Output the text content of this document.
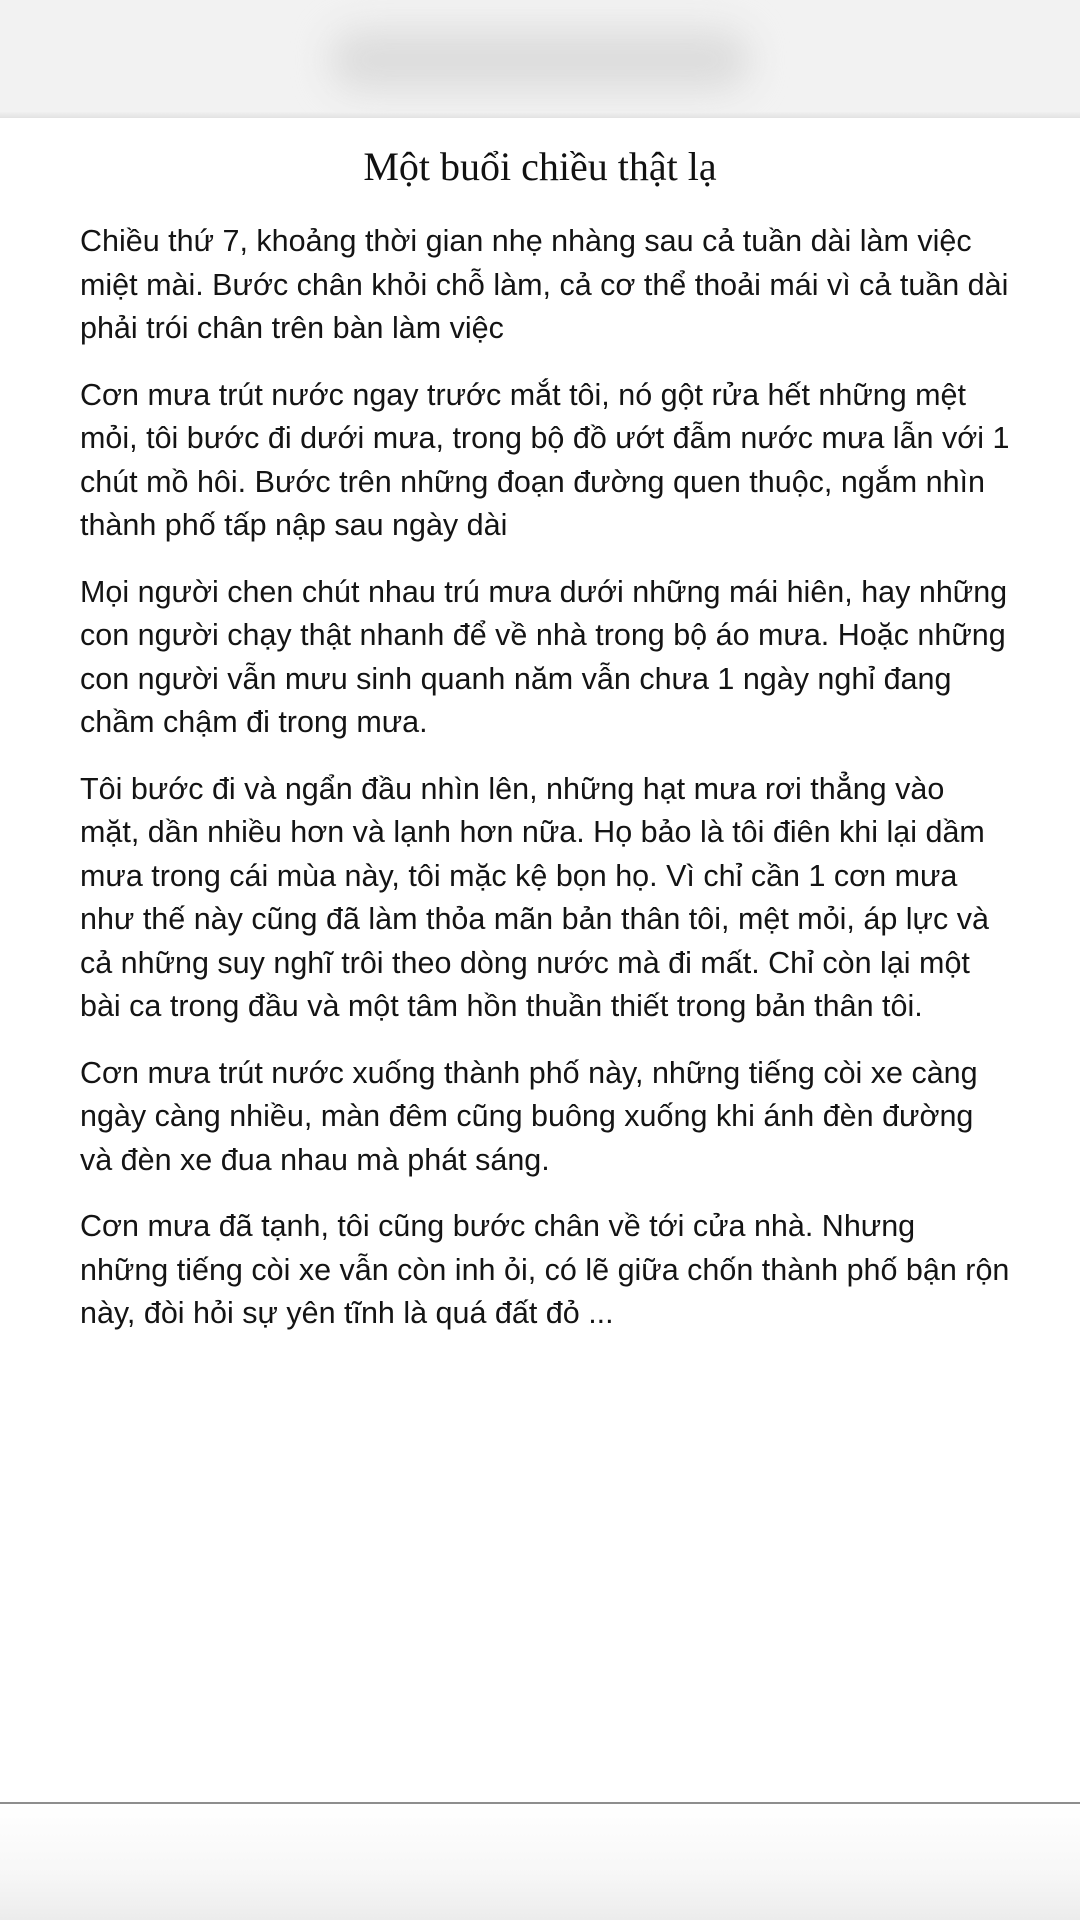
Một buổi chiều thật lạ

Chiều thứ 7, khoảng thời gian nhẹ nhàng sau cả tuần dài làm việc miệt mài. Bước chân khỏi chỗ làm, cả cơ thể thoải mái vì cả tuần dài phải trói chân trên bàn làm việc

Cơn mưa trút nước ngay trước mắt tôi, nó gột rửa hết những mệt mỏi, tôi bước đi dưới mưa, trong bộ đồ ướt đẫm nước mưa lẫn với 1 chút mồ hôi. Bước trên những đoạn đường quen thuộc, ngắm nhìn thành phố tấp nập sau ngày dài

Mọi người chen chút nhau trú mưa dưới những mái hiên, hay những con người chạy thật nhanh để về nhà trong bộ áo mưa. Hoặc những con người vẫn mưu sinh quanh năm vẫn chưa 1 ngày nghỉ đang chầm chậm đi trong mưa.

Tôi bước đi và ngẩn đầu nhìn lên, những hạt mưa rơi thẳng vào mặt, dần nhiều hơn và lạnh hơn nữa. Họ bảo là tôi điên khi lại dầm mưa trong cái mùa này, tôi mặc kệ bọn họ. Vì chỉ cần 1 cơn mưa như thế này cũng đã làm thỏa mãn bản thân tôi, mệt mỏi, áp lực và cả những suy nghĩ trôi theo dòng nước mà đi mất. Chỉ còn lại một bài ca trong đầu và một tâm hồn thuần thiết trong bản thân tôi.

Cơn mưa trút nước xuống thành phố này, những tiếng còi xe càng ngày càng nhiều, màn đêm cũng buông xuống khi ánh đèn đường và đèn xe đua nhau mà phát sáng.

Cơn mưa đã tạnh, tôi cũng bước chân về tới cửa nhà. Nhưng những tiếng còi xe vẫn còn inh ỏi, có lẽ giữa chốn thành phố bận rộn này, đòi hỏi sự yên tĩnh là quá đất đỏ ...
